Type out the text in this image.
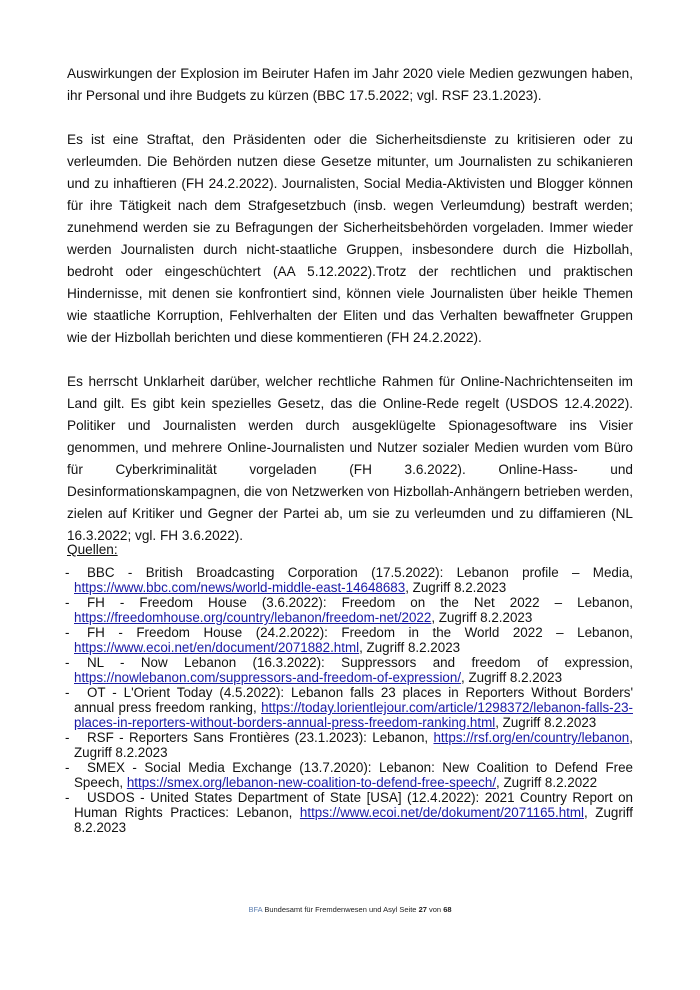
Auswirkungen der Explosion im Beiruter Hafen im Jahr 2020 viele Medien gezwungen haben, ihr Personal und ihre Budgets zu kürzen (BBC 17.5.2022; vgl. RSF 23.1.2023).

Es ist eine Straftat, den Präsidenten oder die Sicherheitsdienste zu kritisieren oder zu verleumden. Die Behörden nutzen diese Gesetze mitunter, um Journalisten zu schikanieren und zu inhaftieren (FH 24.2.2022). Journalisten, Social Media-Aktivisten und Blogger können für ihre Tätigkeit nach dem Strafgesetzbuch (insb. wegen Verleumdung) bestraft werden; zunehmend werden sie zu Befragungen der Sicherheitsbehörden vorgeladen. Immer wieder werden Journalisten durch nicht-staatliche Gruppen, insbesondere durch die Hizbollah, bedroht oder eingeschüchtert (AA 5.12.2022).Trotz der rechtlichen und praktischen Hindernisse, mit denen sie konfrontiert sind, können viele Journalisten über heikle Themen wie staatliche Korruption, Fehlverhalten der Eliten und das Verhalten bewaffneter Gruppen wie der Hizbollah berichten und diese kommentieren (FH 24.2.2022).

Es herrscht Unklarheit darüber, welcher rechtliche Rahmen für Online-Nachrichtenseiten im Land gilt. Es gibt kein spezielles Gesetz, das die Online-Rede regelt (USDOS 12.4.2022). Politiker und Journalisten werden durch ausgeklügelte Spionagesoftware ins Visier genommen, und mehrere Online-Journalisten und Nutzer sozialer Medien wurden vom Büro für Cyberkriminalität vorgeladen (FH 3.6.2022). Online-Hass- und Desinformationskampagnen, die von Netzwerken von Hizbollah-Anhängern betrieben werden, zielen auf Kritiker und Gegner der Partei ab, um sie zu verleumden und zu diffamieren (NL 16.3.2022; vgl. FH 3.6.2022).

Quellen:
- BBC - British Broadcasting Corporation (17.5.2022): Lebanon profile – Media, https://www.bbc.com/news/world-middle-east-14648683, Zugriff 8.2.2023
- FH - Freedom House (3.6.2022): Freedom on the Net 2022 – Lebanon, https://freedomhouse.org/country/lebanon/freedom-net/2022, Zugriff 8.2.2023
- FH - Freedom House (24.2.2022): Freedom in the World 2022 – Lebanon, https://www.ecoi.net/en/document/2071882.html, Zugriff 8.2.2023
- NL - Now Lebanon (16.3.2022): Suppressors and freedom of expression, https://nowlebanon.com/suppressors-and-freedom-of-expression/, Zugriff 8.2.2023
- OT - L'Orient Today (4.5.2022): Lebanon falls 23 places in Reporters Without Borders' annual press freedom ranking, https://today.lorientlejour.com/article/1298372/lebanon-falls-23-places-in-reporters-without-borders-annual-press-freedom-ranking.html, Zugriff 8.2.2023
- RSF - Reporters Sans Frontières (23.1.2023): Lebanon, https://rsf.org/en/country/lebanon, Zugriff 8.2.2023
- SMEX - Social Media Exchange (13.7.2020): Lebanon: New Coalition to Defend Free Speech, https://smex.org/lebanon-new-coalition-to-defend-free-speech/, Zugriff 8.2.2022
- USDOS - United States Department of State [USA] (12.4.2022): 2021 Country Report on Human Rights Practices: Lebanon, https://www.ecoi.net/de/dokument/2071165.html, Zugriff 8.2.2023
BFA Bundesamt für Fremdenwesen und Asyl Seite 27 von 68
